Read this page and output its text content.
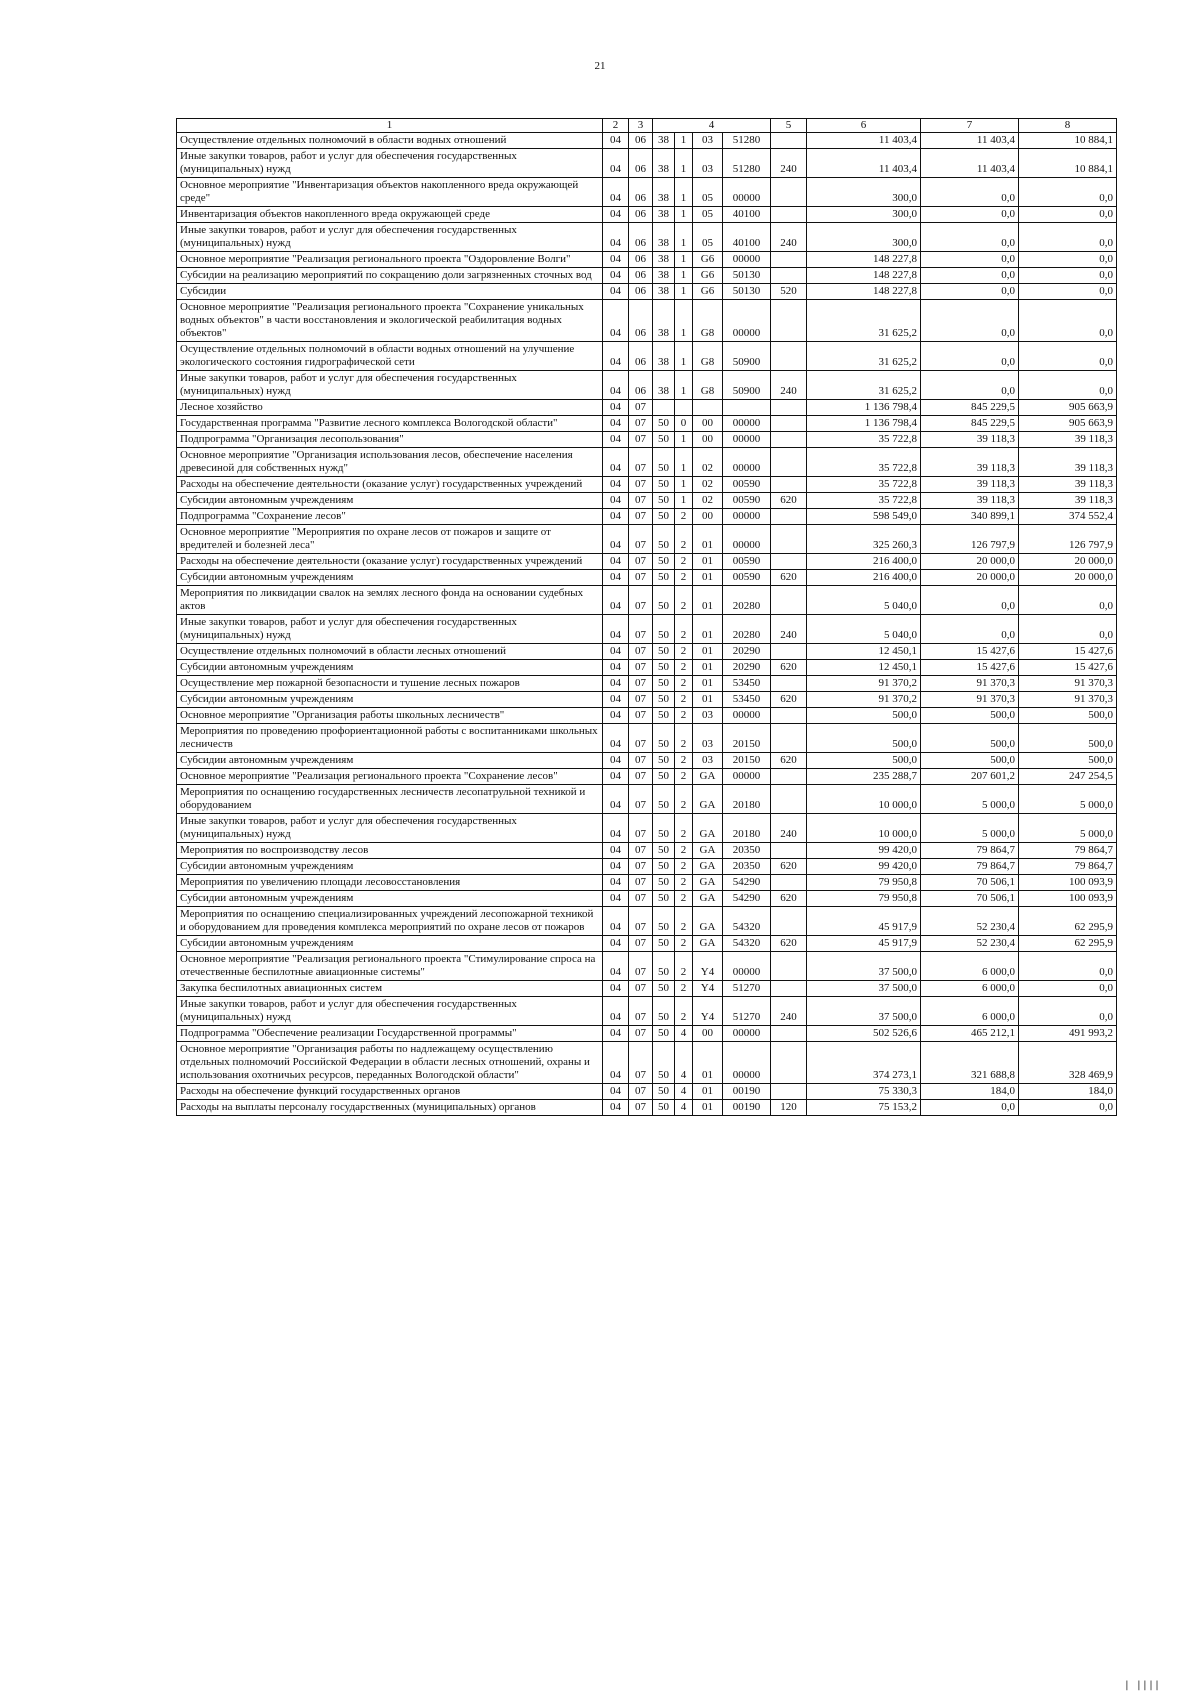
21
1	2	3	4				5	6	7	8
Осуществление отдельных полномочий в области водных отношений	04	06	38	1	03	51280		11 403,4	11 403,4	10 884,1
Иные закупки товаров, работ и услуг для обеспечения государственных (муниципальных) нужд	04	06	38	1	03	51280	240	11 403,4	11 403,4	10 884,1
Основное мероприятие "Инвентаризация объектов накопленного вреда окружающей среде"	04	06	38	1	05	00000		300,0	0,0	0,0
Инвентаризация объектов накопленного вреда окружающей среде	04	06	38	1	05	40100		300,0	0,0	0,0
Иные закупки товаров, работ и услуг для обеспечения государственных (муниципальных) нужд	04	06	38	1	05	40100	240	300,0	0,0	0,0
Основное мероприятие "Реализация регионального проекта "Оздоровление Волги"	04	06	38	1	G6	00000		148 227,8	0,0	0,0
Субсидии на реализацию мероприятий по сокращению доли загрязненных сточных вод	04	06	38	1	G6	50130		148 227,8	0,0	0,0
Субсидии	04	06	38	1	G6	50130	520	148 227,8	0,0	0,0
Основное мероприятие "Реализация регионального проекта "Сохранение уникальных водных объектов" в части восстановления и экологической реабилитация водных объектов"	04	06	38	1	G8	00000		31 625,2	0,0	0,0
Осуществление отдельных полномочий в области водных отношений на улучшение экологического состояния гидрографической сети	04	06	38	1	G8	50900		31 625,2	0,0	0,0
Иные закупки товаров, работ и услуг для обеспечения государственных (муниципальных) нужд	04	06	38	1	G8	50900	240	31 625,2	0,0	0,0
Лесное хозяйство	04	07						1 136 798,4	845 229,5	905 663,9
Государственная программа "Развитие лесного комплекса Вологодской области"	04	07	50	0	00	00000		1 136 798,4	845 229,5	905 663,9
Подпрограмма "Организация лесопользования"	04	07	50	1	00	00000		35 722,8	39 118,3	39 118,3
Основное мероприятие "Организация использования лесов, обеспечение населения древесиной для собственных нужд"	04	07	50	1	02	00000		35 722,8	39 118,3	39 118,3
Расходы на обеспечение деятельности (оказание услуг) государственных учреждений	04	07	50	1	02	00590		35 722,8	39 118,3	39 118,3
Субсидии автономным учреждениям	04	07	50	1	02	00590	620	35 722,8	39 118,3	39 118,3
Подпрограмма "Сохранение лесов"	04	07	50	2	00	00000		598 549,0	340 899,1	374 552,4
Основное мероприятие "Мероприятия по охране лесов от пожаров и защите от вредителей и болезней леса"	04	07	50	2	01	00000		325 260,3	126 797,9	126 797,9
Расходы на обеспечение деятельности (оказание услуг) государственных учреждений	04	07	50	2	01	00590		216 400,0	20 000,0	20 000,0
Субсидии автономным учреждениям	04	07	50	2	01	00590	620	216 400,0	20 000,0	20 000,0
Мероприятия по ликвидации свалок на землях лесного фонда на основании судебных актов	04	07	50	2	01	20280		5 040,0	0,0	0,0
Иные закупки товаров, работ и услуг для обеспечения государственных (муниципальных) нужд	04	07	50	2	01	20280	240	5 040,0	0,0	0,0
Осуществление отдельных полномочий в области лесных отношений	04	07	50	2	01	20290		12 450,1	15 427,6	15 427,6
Субсидии автономным учреждениям	04	07	50	2	01	20290	620	12 450,1	15 427,6	15 427,6
Осуществление мер пожарной безопасности и тушение лесных пожаров	04	07	50	2	01	53450		91 370,2	91 370,3	91 370,3
Субсидии автономным учреждениям	04	07	50	2	01	53450	620	91 370,2	91 370,3	91 370,3
Основное мероприятие "Организация работы школьных лесничеств"	04	07	50	2	03	00000		500,0	500,0	500,0
Мероприятия по проведению профориентационной работы с воспитанниками школьных лесничеств	04	07	50	2	03	20150		500,0	500,0	500,0
Субсидии автономным учреждениям	04	07	50	2	03	20150	620	500,0	500,0	500,0
Основное мероприятие "Реализация регионального проекта "Сохранение лесов"	04	07	50	2	GA	00000		235 288,7	207 601,2	247 254,5
Мероприятия по оснащению государственных лесничеств лесопатрульной техникой и оборудованием	04	07	50	2	GA	20180		10 000,0	5 000,0	5 000,0
Иные закупки товаров, работ и услуг для обеспечения государственных (муниципальных) нужд	04	07	50	2	GA	20180	240	10 000,0	5 000,0	5 000,0
Мероприятия по воспроизводству лесов	04	07	50	2	GA	20350		99 420,0	79 864,7	79 864,7
Субсидии автономным учреждениям	04	07	50	2	GA	20350	620	99 420,0	79 864,7	79 864,7
Мероприятия по увеличению площади лесовосстановления	04	07	50	2	GA	54290		79 950,8	70 506,1	100 093,9
Субсидии автономным учреждениям	04	07	50	2	GA	54290	620	79 950,8	70 506,1	100 093,9
Мероприятия по оснащению специализированных учреждений лесопожарной техникой и оборудованием для проведения комплекса мероприятий по охране лесов от пожаров	04	07	50	2	GA	54320		45 917,9	52 230,4	62 295,9
Субсидии автономным учреждениям	04	07	50	2	GA	54320	620	45 917,9	52 230,4	62 295,9
Основное мероприятие "Реализация регионального проекта "Стимулирование спроса на отечественные беспилотные авиационные системы"	04	07	50	2	Y4	00000		37 500,0	6 000,0	0,0
Закупка беспилотных авиационных систем	04	07	50	2	Y4	51270		37 500,0	6 000,0	0,0
Иные закупки товаров, работ и услуг для обеспечения государственных (муниципальных) нужд	04	07	50	2	Y4	51270	240	37 500,0	6 000,0	0,0
Подпрограмма "Обеспечение реализации Государственной программы"	04	07	50	4	00	00000		502 526,6	465 212,1	491 993,2
Основное мероприятие "Организация работы по надлежащему осуществлению отдельных полномочий Российской Федерации в области лесных отношений, охраны и использования охотничьих ресурсов, переданных Вологодской области"	04	07	50	4	01	00000		374 273,1	321 688,8	328 469,9
Расходы на обеспечение функций государственных органов	04	07	50	4	01	00190		75 330,3	184,0	184,0
Расходы на выплаты персоналу государственных (муниципальных) органов	04	07	50	4	01	00190	120	75 153,2	0,0	0,0
| ||||
